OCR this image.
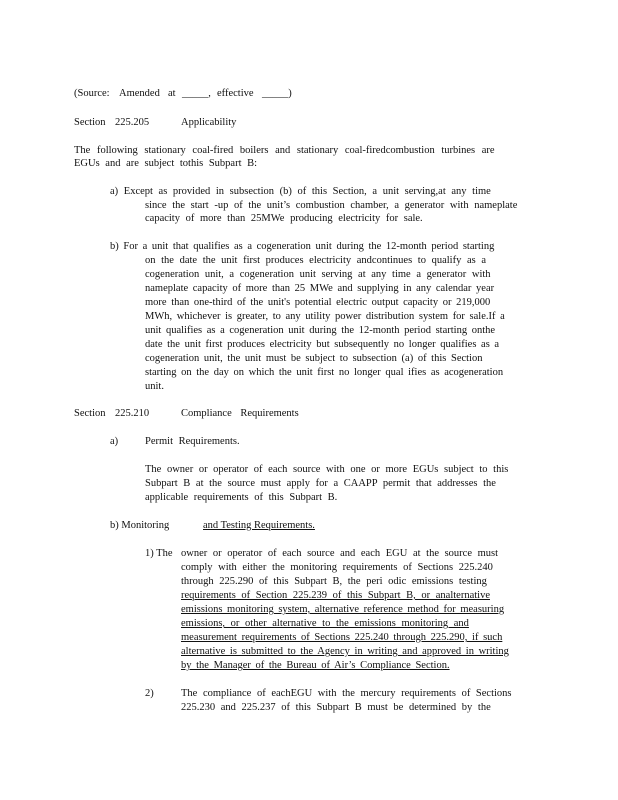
(Source: Amended at _____, effective _____)
Section 225.205	Applicability
The following stationary coal-fired boilers and stationary coal-firedcombustion turbines are
EGUs and are subject tothis Subpart B:
a) Except as provided in subsection (b) of this Section, a unit serving,at any time
since the start -up of the unit’s combustion chamber, a generator with nameplate
capacity of more than 25MWe producing electricity for sale.
b) For a unit that qualifies as a cogeneration unit during the 12-month period starting
on the date the unit first produces electricity andcontinues to qualify as a
cogeneration unit, a cogeneration unit serving at any time a generator with
nameplate capacity of more than 25 MWe and supplying in any calendar year
more than one-third of the unit's potential electric output capacity or 219,000
MWh, whichever is greater, to any utility power distribution system for sale.If a
unit qualifies as a cogeneration unit during the 12-month period starting onthe
date the unit first produces electricity but subsequently no longer qualifies as a
cogeneration unit, the unit must be subject to subsection (a) of this Section
starting on the day on which the unit first no longer qual ifies as acogeneration
unit.
Section 225.210	Compliance Requirements
a)	Permit Requirements.
The owner or operator of each source with one or more EGUs subject to this
Subpart B at the source must apply for a CAAPP permit that addresses the
applicable requirements of this Subpart B.
b) Monitoring	and Testing Requirements.
1) The owner or operator of each source and each EGU at the source must
comply with either the monitoring requirements of Sections 225.240
through 225.290 of this Subpart B, the peri odic emissions testing
requirements of Section 225.239 of this Subpart B, or analternative
emissions monitoring system, alternative reference method for measuring
emissions, or other alternative to the emissions monitoring and
measurement requirements of Sections 225.240 through 225.290, if such
alternative is submitted to the Agency in writing and approved in writing
by the Manager of the Bureau of Air’s Compliance Section.
2)	The compliance of eachEGU with the mercury requirements of Sections
225.230 and 225.237 of this Subpart B must be determined by the
